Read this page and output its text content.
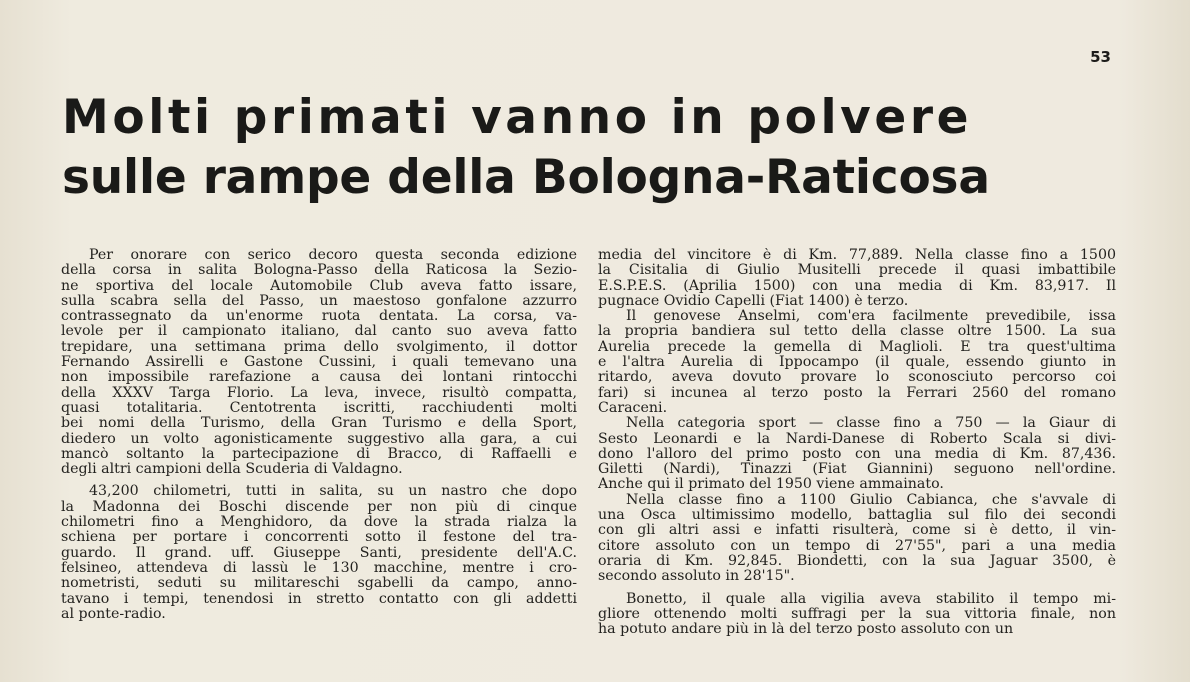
53
Molti primati vanno in polvere
sulle rampe della Bologna-Raticosa
Per onorare con serico decoro questa seconda edizione
della corsa in salita Bologna-Passo della Raticosa la Sezio-
ne sportiva del locale Automobile Club aveva fatto issare,
sulla scabra sella del Passo, un maestoso gonfalone azzurro
contrassegnato da un'enorme ruota dentata. La corsa, va-
levole per il campionato italiano, dal canto suo aveva fatto
trepidare, una settimana prima dello svolgimento, il dottor
Fernando Assirelli e Gastone Cussini, i quali temevano una
non impossibile rarefazione a causa dei lontani rintocchi
della XXXV Targa Florio. La leva, invece, risultò compatta,
quasi totalitaria. Centotrenta iscritti, racchiudenti molti
bei nomi della Turismo, della Gran Turismo e della Sport,
diedero un volto agonisticamente suggestivo alla gara, a cui
mancò soltanto la partecipazione di Bracco, di Raffaelli e
degli altri campioni della Scuderia di Valdagno.
43,200 chilometri, tutti in salita, su un nastro che dopo
la Madonna dei Boschi discende per non più di cinque
chilometri fino a Menghidoro, da dove la strada rialza la
schiena per portare i concorrenti sotto il festone del tra-
guardo. Il grand. uff. Giuseppe Santi, presidente dell'A.C.
felsineo, attendeva di lassù le 130 macchine, mentre i cro-
nometristi, seduti su militareschi sgabelli da campo, anno-
tavano i tempi, tenendosi in stretto contatto con gli addetti
al ponte-radio.
media del vincitore è di Km. 77,889. Nella classe fino a 1500
la Cisitalia di Giulio Musitelli precede il quasi imbattibile
E.S.P.E.S. (Aprilia 1500) con una media di Km. 83,917. Il
pugnace Ovidio Capelli (Fiat 1400) è terzo.
Il genovese Anselmi, com'era facilmente prevedibile, issa
la propria bandiera sul tetto della classe oltre 1500. La sua
Aurelia precede la gemella di Maglioli. E tra quest'ultima
e l'altra Aurelia di Ippocampo (il quale, essendo giunto in
ritardo, aveva dovuto provare lo sconosciuto percorso coi
fari) si incunea al terzo posto la Ferrari 2560 del romano
Caraceni.
Nella categoria sport — classe fino a 750 — la Giaur di
Sesto Leonardi e la Nardi-Danese di Roberto Scala si divi-
dono l'alloro del primo posto con una media di Km. 87,436.
Giletti (Nardi), Tinazzi (Fiat Giannini) seguono nell'ordine.
Anche qui il primato del 1950 viene ammainato.
Nella classe fino a 1100 Giulio Cabianca, che s'avvale di
una Osca ultimissimo modello, battaglia sul filo dei secondi
con gli altri assi e infatti risulterà, come si è detto, il vin-
citore assoluto con un tempo di 27'55", pari a una media
oraria di Km. 92,845. Biondetti, con la sua Jaguar 3500, è
secondo assoluto in 28'15".
Bonetto, il quale alla vigilia aveva stabilito il tempo mi-
gliore ottenendo molti suffragi per la sua vittoria finale, non
ha potuto andare più in là del terzo posto assoluto con un
